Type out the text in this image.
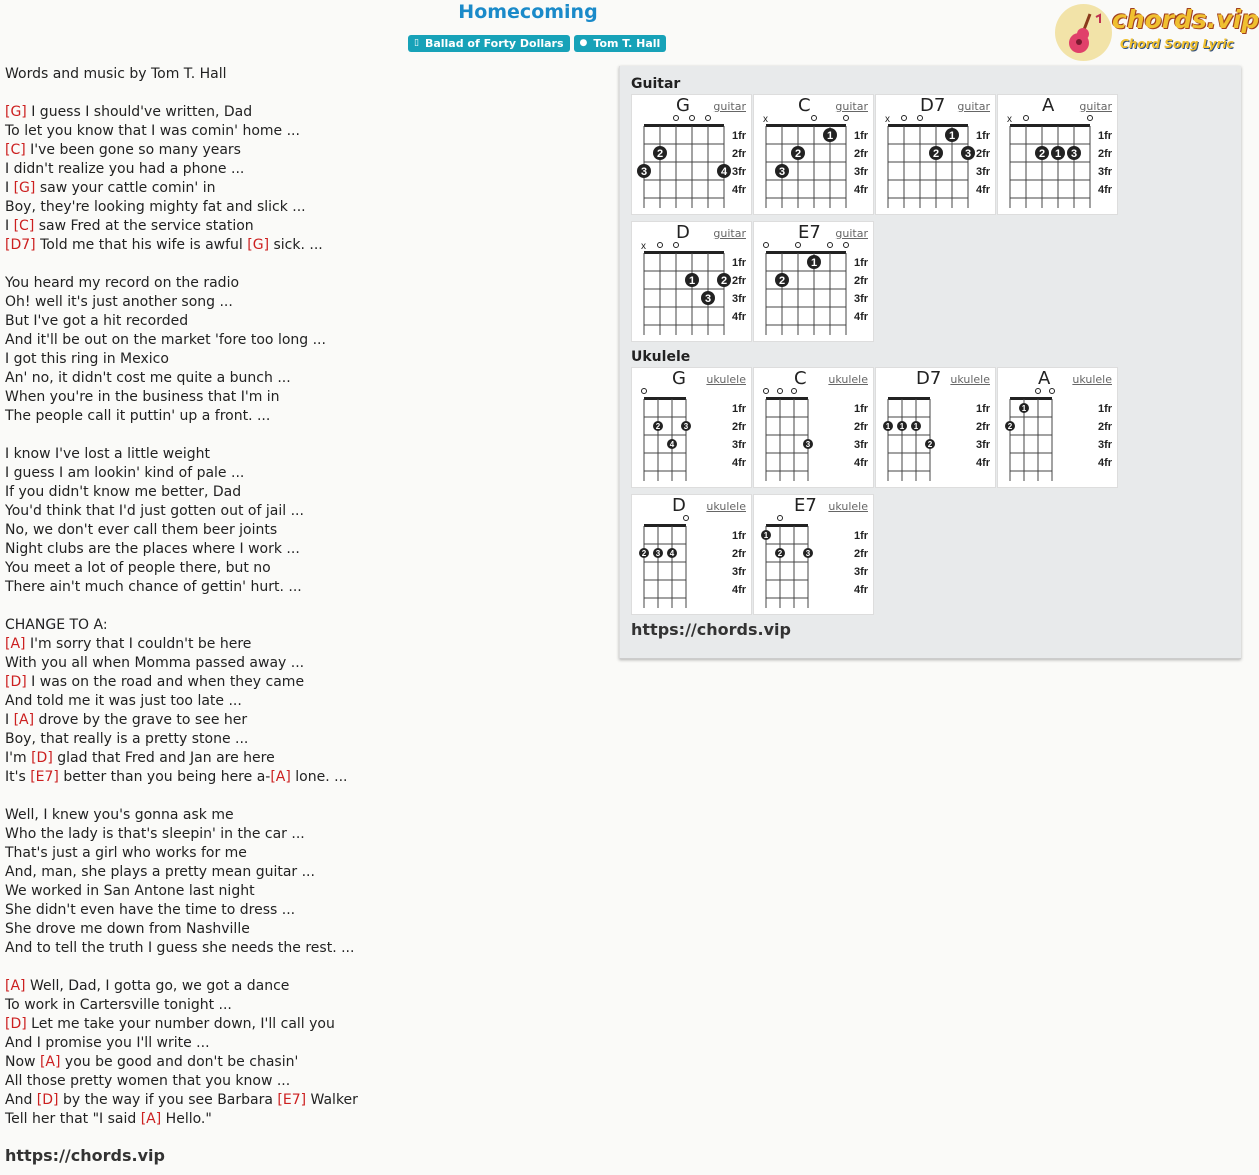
Homecoming
▯ Ballad of Forty Dollars ● Tom T. Hall
chords.vip
Chord Song Lyric
Words and music by Tom T. Hall
[G] I guess I should've written, Dad
To let you know that I was comin' home ...
[C] I've been gone so many years
I didn't realize you had a phone ...
I [G] saw your cattle comin' in
Boy, they're looking mighty fat and slick ...
I [C] saw Fred at the service station
[D7] Told me that his wife is awful [G] sick. ...
You heard my record on the radio
Oh! well it's just another song ...
But I've got a hit recorded
And it'll be out on the market 'fore too long ...
I got this ring in Mexico
An' no, it didn't cost me quite a bunch ...
When you're in the business that I'm in
The people call it puttin' up a front. ...
I know I've lost a little weight
I guess I am lookin' kind of pale ...
If you didn't know me better, Dad
You'd think that I'd just gotten out of jail ...
No, we don't ever call them beer joints
Night clubs are the places where I work ...
You meet a lot of people there, but no
There ain't much chance of gettin' hurt. ...
CHANGE TO A:
[A] I'm sorry that I couldn't be here
With you all when Momma passed away ...
[D] I was on the road and when they came
And told me it was just too late ...
I [A] drove by the grave to see her
Boy, that really is a pretty stone ...
I'm [D] glad that Fred and Jan are here
It's [E7] better than you being here a-[A] lone. ...
Well, I knew you's gonna ask me
Who the lady is that's sleepin' in the car ...
That's just a girl who works for me
And, man, she plays a pretty mean guitar ...
We worked in San Antone last night
She didn't even have the time to dress ...
She drove me down from Nashville
And to tell the truth I guess she needs the rest. ...
[A] Well, Dad, I gotta go, we got a dance
To work in Cartersville tonight ...
[D] Let me take your number down, I'll call you
And I promise you I'll write ...
Now [A] you be good and don't be chasin'
All those pretty women that you know ...
And [D] by the way if you see Barbara [E7] Walker
Tell her that "I said [A] Hello."
https://chords.vip
Guitar
Ukulele
1fr
2fr
3fr
4fr
2
3	4
G guitar
1fr
2fr
3fr
4fr
x
1
2
3
C guitar
1fr
2fr
3fr
4fr
x
1
2 3
D7 guitar
1fr
2fr
3fr
4fr
x
2 1 3
A guitar
1fr
2fr
3fr
4fr
x
1 2
3
D guitar
1fr
2fr
3fr
4fr
1
2
E7 guitar
1fr
2fr
3fr
4fr
2	3
4
G ukulele
1fr
2fr
3fr
4fr
3
C ukulele
1fr
2fr
3fr
4fr
1 1 1
2
D7 ukulele
1fr
2fr
3fr
4fr
1
2
A ukulele
1fr
2fr
3fr
4fr
2 3 4
D ukulele
1fr
2fr
3fr
4fr
1
2	3
E7 ukulele
https://chords.vip
